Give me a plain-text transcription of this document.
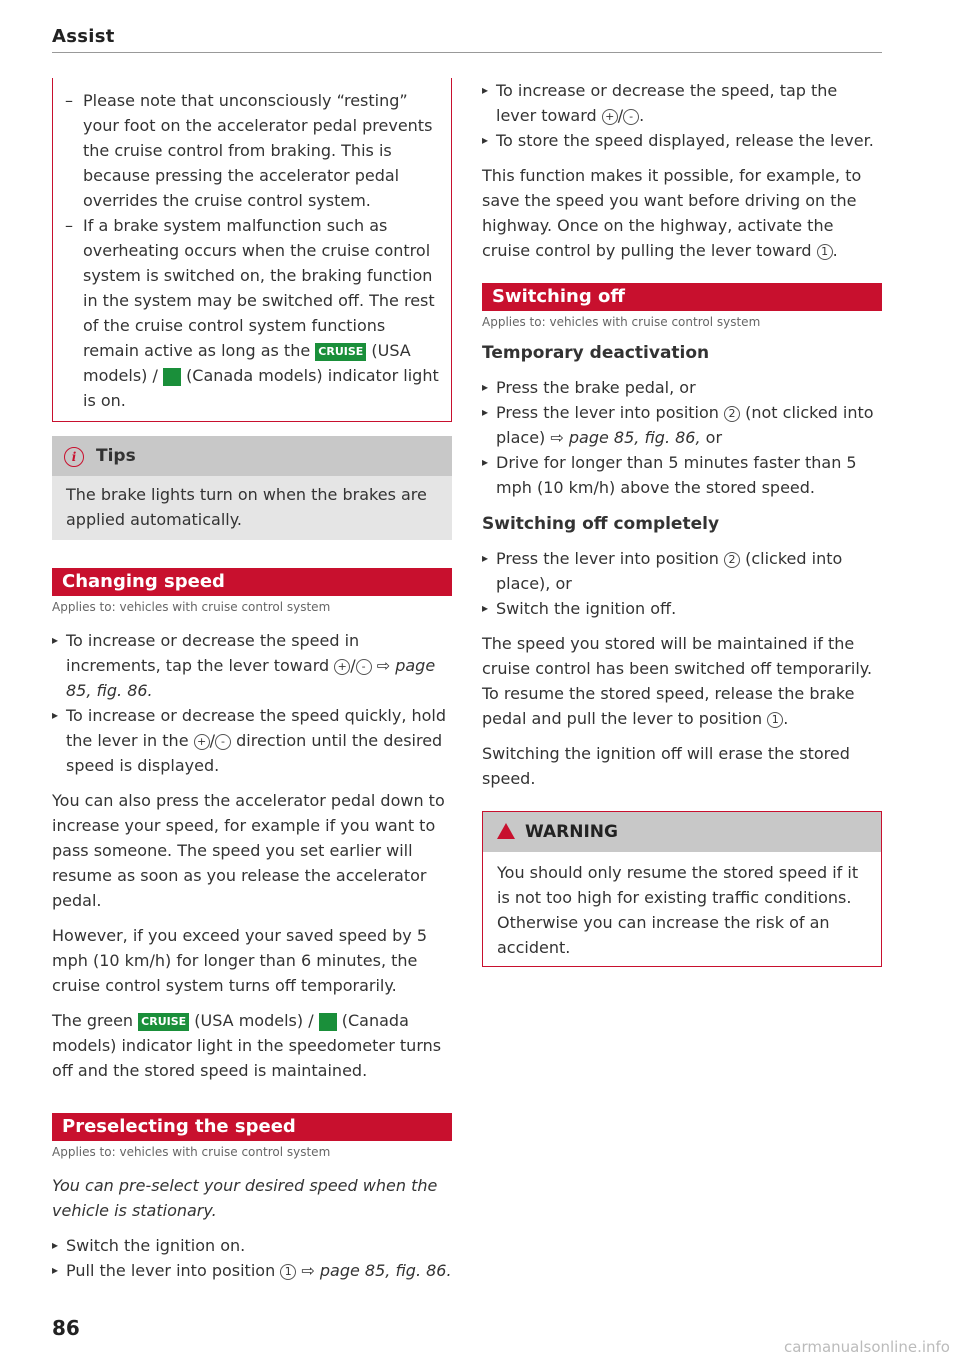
Assist

– Please note that unconsciously “resting” your foot on the accelerator pedal prevents the cruise control from braking. This is because pressing the accelerator pedal overrides the cruise control system.

– If a brake system malfunction such as overheating occurs when the cruise control system is switched on, the braking function in the system may be switched off. The rest of the cruise control system functions remain active as long as the CRUISE (USA models) / (Canada models) indicator light is on.

i Tips

The brake lights turn on when the brakes are applied automatically.

Changing speed
Applies to: vehicles with cruise control system

▸ To increase or decrease the speed in increments, tap the lever toward + / - ⇨ page 85, fig. 86.

▸ To increase or decrease the speed quickly, hold the lever in the + / - direction until the desired speed is displayed.

You can also press the accelerator pedal down to increase your speed, for example if you want to pass someone. The speed you set earlier will resume as soon as you release the accelerator pedal.

However, if you exceed your saved speed by 5 mph (10 km/h) for longer than 6 minutes, the cruise control system turns off temporarily.

The green CRUISE (USA models) / (Canada models) indicator light in the speedometer turns off and the stored speed is maintained.

Preselecting the speed
Applies to: vehicles with cruise control system

You can pre-select your desired speed when the vehicle is stationary.

▸ Switch the ignition on.

▸ Pull the lever into position 1 ⇨ page 85, fig. 86.

▸ To increase or decrease the speed, tap the lever toward + / - .

▸ To store the speed displayed, release the lever.

This function makes it possible, for example, to save the speed you want before driving on the highway. Once on the highway, activate the cruise control by pulling the lever toward 1 .

Switching off
Applies to: vehicles with cruise control system
Temporary deactivation

▸ Press the brake pedal, or

▸ Press the lever into position 2 (not clicked into place) ⇨ page 85, fig. 86, or

▸ Drive for longer than 5 minutes faster than 5 mph (10 km/h) above the stored speed.

Switching off completely

▸ Press the lever into position 2 (clicked into place), or

▸ Switch the ignition off.

The speed you stored will be maintained if the cruise control has been switched off temporarily. To resume the stored speed, release the brake pedal and pull the lever to position 1 .

Switching the ignition off will erase the stored speed.

WARNING

You should only resume the stored speed if it is not too high for existing traffic conditions. Otherwise you can increase the risk of an accident.

86
carmanualsonline.info
